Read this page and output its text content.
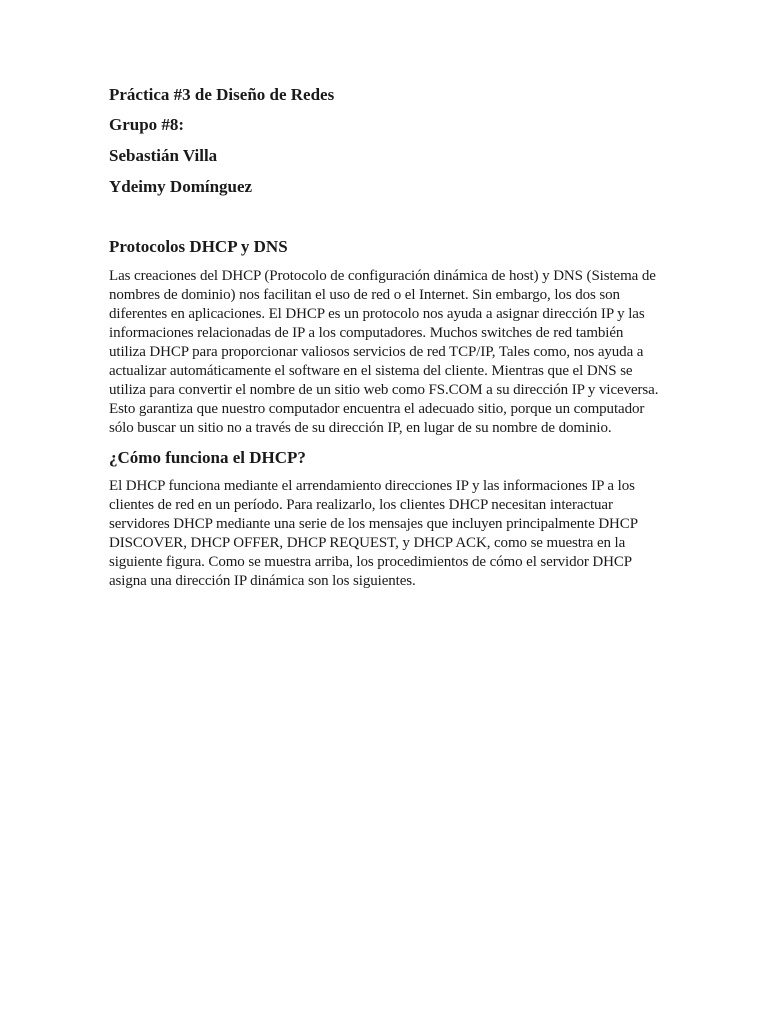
Práctica #3 de Diseño de Redes

Grupo #8:

Sebastián Villa

Ydeimy Domínguez

Protocolos DHCP y DNS

Las creaciones del DHCP (Protocolo de configuración dinámica de host) y DNS (Sistema de nombres de dominio) nos facilitan el uso de red o el Internet. Sin embargo, los dos son diferentes en aplicaciones. El DHCP es un protocolo nos ayuda a asignar dirección IP y las informaciones relacionadas de IP a los computadores. Muchos switches de red también utiliza DHCP para proporcionar valiosos servicios de red TCP/IP, Tales como, nos ayuda a actualizar automáticamente el software en el sistema del cliente. Mientras que el DNS se utiliza para convertir el nombre de un sitio web como FS.COM a su dirección IP y viceversa. Esto garantiza que nuestro computador encuentra el adecuado sitio, porque un computador sólo buscar un sitio no a través de su dirección IP, en lugar de su nombre de dominio.

¿Cómo funciona el DHCP?

El DHCP funciona mediante el arrendamiento direcciones IP y las informaciones IP a los clientes de red en un período. Para realizarlo, los clientes DHCP necesitan interactuar servidores DHCP mediante una serie de los mensajes que incluyen principalmente DHCP DISCOVER, DHCP OFFER, DHCP REQUEST, y DHCP ACK, como se muestra en la siguiente figura. Como se muestra arriba, los procedimientos de cómo el servidor DHCP asigna una dirección IP dinámica son los siguientes.
